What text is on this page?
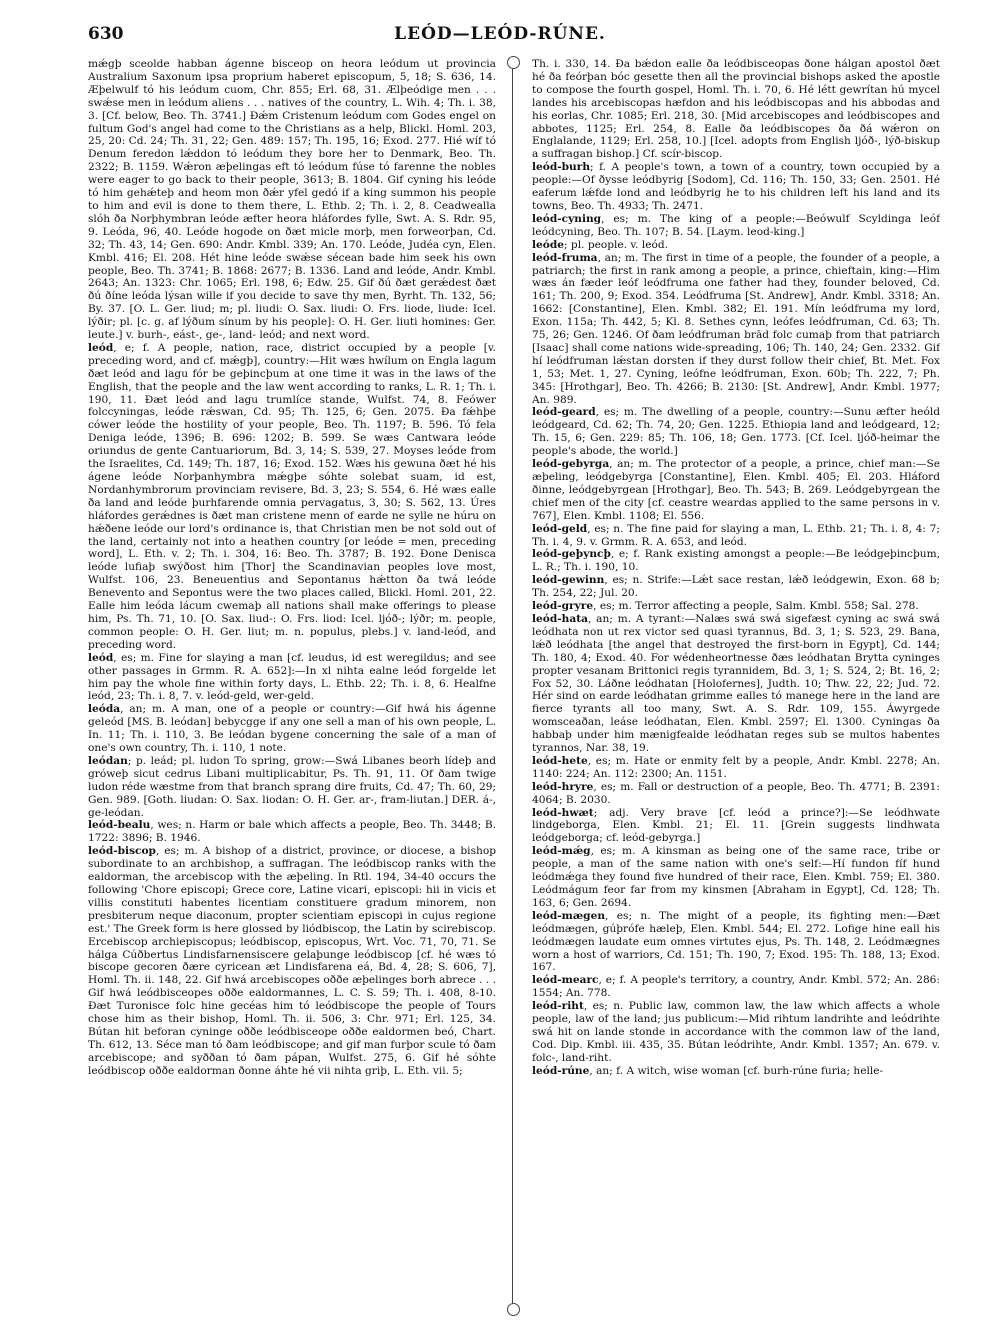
630	LEÓD—LEÓD-RÚNE.

mǽgþ sceolde habban ágenne bisceop on heora leódum ut provincia Australium Saxonum ipsa proprium haberet episcopum, 5, 18; S. 636, 14. Æþelwulf tó his leódum cuom, Chr. 855; Erl. 68, 31. Ælþeódige men . . . swǽse men in leódum aliens . . . natives of the country, L. Wih. 4; Th. i. 38, 3. [Cf. below, Beo. Th. 3741.] Ðǽm Cristenum leódum com Godes engel on fultum God's angel had come to the Christians as a help, Blickl. Homl. 203, 25, 20: Cd. 24; Th. 31, 22; Gen. 489: 157; Th. 195, 16; Exod. 277. Hié wíf tó Denum feredon lǽddon tó leódum they bore her to Denmark, Beo. Th. 2322; B. 1159. Wǽron æþelingas eft tó leódum fúse tó farenne the nobles were eager to go back to their people, 3613; B. 1804. Gif cyning his leóde tó him gehǽteþ and heom mon ðǽr yfel gedó if a king summon his people to him and evil is done to them there, L. Ethb. 2; Th. i. 2, 8. Ceadwealla slóh ða Norþhymbran leóde æfter heora hláfordes fylle, Swt. A. S. Rdr. 95, 9. Leóda, 96, 40. Leóde hogode on ðæt micle morþ, men forweorþan, Cd. 32; Th. 43, 14; Gen. 690: Andr. Kmbl. 339; An. 170. Leóde, Judéa cyn, Elen. Kmbl. 416; El. 208. Hét hine leóde swǽse sécean bade him seek his own people, Beo. Th. 3741; B. 1868: 2677; B. 1336. Land and leóde, Andr. Kmbl. 2643; An. 1323: Chr. 1065; Erl. 198, 6; Edw. 25. Gif ðú ðæt gerǽdest ðæt ðú ðíne leóda lýsan wille if you decide to save thy men, Byrht. Th. 132, 56; By. 37. [O. L. Ger. liud; m; pl. liudi: O. Sax. liudi: O. Frs. liode, liude: Icel. lýðir; pl. [c. g. af lýðum sínum by his people]: O. H. Ger. liuti homines: Ger. leute.] v. burh-, eást-, ge-, land- leód; and next word.

leód, e; f. A people, nation, race, district occupied by a people [v. preceding word, and cf. mǽgþ], country:—Hit wæs hwílum on Engla lagum ðæt leód and lagu fór be geþincþum at one time it was in the laws of the English, that the people and the law went according to ranks, L. R. 1; Th. i. 190, 11. Ðæt leód and lagu trumlíce stande, Wulfst. 74, 8. Feówer folccyningas, leóde rǽswan, Cd. 95; Th. 125, 6; Gen. 2075. Ða fǽhþe cówer leóde the hostility of your people, Beo. Th. 1197; B. 596. Tó fela Deniga leóde, 1396; B. 696: 1202; B. 599. Se wæs Cantwara leóde oriundus de gente Cantuariorum, Bd. 3, 14; S. 539, 27. Moyses leóde from the Israelites, Cd. 149; Th. 187, 16; Exod. 152. Wæs his gewuna ðæt hé his ágene leóde Norþanhymbra mǽgþe sóhte solebat suam, id est, Nordanhymbrorum provinciam revisere, Bd. 3, 23; S. 554, 6. Hé wæs ealle ða land and leóde þurhfarende omnia pervagatus, 3, 30; S. 562, 13. Úres hláfordes gerǽdnes is ðæt man cristene menn of earde ne sylle ne húru on hǽðene leóde our lord's ordinance is, that Christian men be not sold out of the land, certainly not into a heathen country [or leóde = men, preceding word], L. Eth. v. 2; Th. i. 304, 16: Beo. Th. 3787; B. 192. Ðone Deniscа leóde lufiaþ swýðost him [Thor] the Scandinavian peoples love most, Wulfst. 106, 23. Beneuentius and Sepontanus hǽtton ða twá leóde Benevento and Sepontus were the two places called, Blickl. Homl. 201, 22. Ealle him leóda lácum cwemaþ all nations shall make offerings to please him, Ps. Th. 71, 10. [O. Sax. liud-: O. Frs. liod: Icel. ljóð-; lýðr; m. people, common people: O. H. Ger. liut; m. n. populus, plebs.] v. land-leód, and preceding word.

leód, es; m. Fine for slaying a man [cf. leudus, id est weregildus; and see other passages in Grmm. R. A. 652]:—In xl nihta ealne leód forgelde let him pay the whole fine within forty days, L. Ethb. 22; Th. i. 8, 6. Healfne leód, 23; Th. i. 8, 7. v. leód-geld, wer-geld.

leóda, an; m. A man, one of a people or country:—Gif hwá his ágenne geleód [MS. B. leódan] bebycgge if any one sell a man of his own people, L. In. 11; Th. i. 110, 3. Be leódan bygene concerning the sale of a man of one's own country, Th. i. 110, 1 note.

leódan; p. leád; pl. ludon To spring, grow:—Swá Libanes beorh lídeþ and gróweþ sicut cedrus Libani multiplicabitur, Ps. Th. 91, 11. Of ðam twige ludon réde wæstme from that branch sprang dire fruits, Cd. 47; Th. 60, 29; Gen. 989. [Goth. liudan: O. Sax. liodan: O. H. Ger. ar-, fram-liutan.] DER. á-, ge-leódan.

leód-bealu, wes; n. Harm or bale which affects a people, Beo. Th. 3448; B. 1722: 3896; B. 1946.

leód-biscop, es; m. A bishop of a district, province, or diocese, a bishop subordinate to an archbishop, a suffragan. The leódbiscop ranks with the ealdorman, the arcebiscop with the æþeling. In Rtl. 194, 34-40 occurs the following 'Chore episcopi; Grece core, Latine vicari, episcopi: hii in vicis et villis constituti habentes licentiam constituere gradum minorem, non presbiterum neque diaconum, propter scientiam episcopi in cujus regione est.' The Greek form is here glossed by liódbiscop, the Latin by scirebiscop. Ercebiscop archiepiscopus; leódbiscop, episcopus, Wrt. Voc. 71, 70, 71. Se hálga Cúðbertus Lindisfarnensiscere gelaþunge leódbiscop [cf. hé wæs tó biscope gecoren ðære cyricean æt Lindisfarena eá, Bd. 4, 28; S. 606, 7], Homl. Th. ii. 148, 22. Gif hwá arcebiscopes oððe æþelinges borh abrece . . . Gif hwá leódbisceopes oððe ealdormannes, L. C. S. 59; Th. i. 408, 8-10. Ðæt Turonisce folc hine gecéas him tó leódbiscope the people of Tours chose him as their bishop, Homl. Th. ii. 506, 3: Chr. 971; Erl. 125, 34. Bútan hit beforan cyninge oððe leódbisceope oððe ealdormen beó, Chart. Th. 612, 13. Séce man tó ðam leódbiscope; and gif man furþor scule tó ðam arcebiscope; and syððan tó ðam pápan, Wulfst. 275, 6. Gif hé sóhte leódbiscop oððe ealdorman ðonne áhte hé vii nihta griþ, L. Eth. vii. 5;

Th. i. 330, 14. Ða bǽdon ealle ða leódbisceopas ðone hálgan apostol ðæt hé ða feórþan bóc gesette then all the provincial bishops asked the apostle to compose the fourth gospel, Homl. Th. i. 70, 6. Hé létt gewrítan hú mycel landes his arcebiscopas hæfdon and his leódbiscopas and his abbodas and his eorlas, Chr. 1085; Erl. 218, 30. [Mid arcebiscopes and leódbiscopes and abbotes, 1125; Erl. 254, 8. Ealle ða leódbiscopes ða ðá wǽron on Englalande, 1129; Erl. 258, 10.] [Icel. adopts from English ljóð-, lýð-biskup a suffragan bishop.] Cf. scír-biscop.

leód-burh; f. A people's town, a town of a country, town occupied by a people:—Of ðysse leódbyrig [Sodom], Cd. 116; Th. 150, 33; Gen. 2501. Hé eaferum lǽfde lond and leódbyrig he to his children left his land and its towns, Beo. Th. 4933; Th. 2471.

leód-cyning, es; m. The king of a people:—Beówulf Scyldinga leóf leódcyning, Beo. Th. 107; B. 54. [Laym. leod-king.]

leóde; pl. people. v. leód.

leód-fruma, an; m. The first in time of a people, the founder of a people, a patriarch; the first in rank among a people, a prince, chieftain, king:—Him wæs án fæder leóf leódfruma one father had they, founder beloved, Cd. 161; Th. 200, 9; Exod. 354. Leódfruma [St. Andrew], Andr. Kmbl. 3318; An. 1662: [Constantine], Elen. Kmbl. 382; El. 191. Mín leódfruma my lord, Exon. 115a; Th. 442, 5; Kl. 8. Sethes cynn, leófes leódfruman, Cd. 63; Th. 75, 26; Gen. 1246. Of ðam leódfruman brād folc cumaþ from that patriarch [Isaac] shall come nations wide-spreading, 106; Th. 140, 24; Gen. 2332. Gif hí leódfruman lǽstan dorsten if they durst follow their chief, Bt. Met. Fox 1, 53; Met. 1, 27. Cyning, leófne leódfruman, Exon. 60b; Th. 222, 7; Ph. 345: [Hrothgar], Beo. Th. 4266; B. 2130: [St. Andrew], Andr. Kmbl. 1977; An. 989.

leód-geard, es; m. The dwelling of a people, country:—Sunu æfter heóld leódgeard, Cd. 62; Th. 74, 20; Gen. 1225. Ethiopia land and leódgeard, 12; Th. 15, 6; Gen. 229: 85; Th. 106, 18; Gen. 1773. [Cf. Icel. ljóð-heimar the people's abode, the world.]

leód-gebyrga, an; m. The protector of a people, a prince, chief man:—Se æþeling, leódgebyrga [Constantine], Elen. Kmbl. 405; El. 203. Hláford ðinne, leódgebyrgean [Hrothgar], Beo. Th. 543; B. 269. Leódgebyrgean the chief men of the city [cf. ceastre weardas applied to the same persons in v. 767], Elen. Kmbl. 1108; El. 556.

leód-geld, es; n. The fine paid for slaying a man, L. Ethb. 21; Th. i. 8, 4: 7; Th. i. 4, 9. v. Grmm. R. A. 653, and leód.

leód-geþyncþ, e; f. Rank existing amongst a people:—Be leódgeþincþum, L. R.; Th. i. 190, 10.

leód-gewinn, es; n. Strife:—Lǽt sace restan, lǽð leódgewin, Exon. 68 b; Th. 254, 22; Jul. 20.

leód-gryre, es; m. Terror affecting a people, Salm. Kmbl. 558; Sal. 278.

leód-hata, an; m. A tyrant:—Nalæs swá swá sigefæst cyning ac swá swá leódhata non ut rex victor sed quasi tyrannus, Bd. 3, 1; S. 523, 29. Bana, lǽð leódhata [the angel that destroyed the first-born in Egypt], Cd. 144; Th. 180, 4; Exod. 40. For wédenheortnesse ðæs leódhatan Brytta cyninges propter vesanam Brittonici regis tyrannidem, Bd. 3, 1; S. 524, 2; Bt. 16, 2; Fox 52, 30. Láðne leódhatan [Holofernes], Judth. 10; Thw. 22, 22; Jud. 72. Hér sind on earde leódhatan grimme ealles tó manege here in the land are fierce tyrants all too many, Swt. A. S. Rdr. 109, 155. Áwyrgede womsceaðan, leáse leódhatan, Elen. Kmbl. 2597; El. 1300. Cyningas ða habbaþ under him mænigfealde leódhatan reges sub se multos habentes tyrannos, Nar. 38, 19.

leód-hete, es; m. Hate or enmity felt by a people, Andr. Kmbl. 2278; An. 1140: 224; An. 112: 2300; An. 1151.

leód-hryre, es; m. Fall or destruction of a people, Beo. Th. 4771; B. 2391: 4064; B. 2030.

leód-hwæt; adj. Very brave [cf. leód a prince?]:—Se leódhwate lindgeborga, Elen. Kmbl. 21; El. 11. [Grein suggests lindhwata leódgeborga; cf. leód-gebyrga.]

leód-mǽg, es; m. A kinsman as being one of the same race, tribe or people, a man of the same nation with one's self:—Hí fundon fíf hund leódmǽga they found five hundred of their race, Elen. Kmbl. 759; El. 380. Leódmágum feor far from my kinsmen [Abraham in Egypt], Cd. 128; Th. 163, 6; Gen. 2694.

leód-mægen, es; n. The might of a people, its fighting men:—Ðæt leódmægen, gúþrófe hæleþ, Elen. Kmbl. 544; El. 272. Lofige hine eall his leódmægen laudate eum omnes virtutes ejus, Ps. Th. 148, 2. Leódmægnes worn a host of warriors, Cd. 151; Th. 190, 7; Exod. 195: Th. 188, 13; Exod. 167.

leód-mearc, e; f. A people's territory, a country, Andr. Kmbl. 572; An. 286: 1554; An. 778.

leód-riht, es; n. Public law, common law, the law which affects a whole people, law of the land; jus publicum:—Mid rihtum landrihte and leódrihte swá hit on lande stonde in accordance with the common law of the land, Cod. Dip. Kmbl. iii. 435, 35. Bútan leódrihte, Andr. Kmbl. 1357; An. 679. v. folc-, land-riht.

leód-rúne, an; f. A witch, wise woman [cf. burh-rúne furia; helle-
